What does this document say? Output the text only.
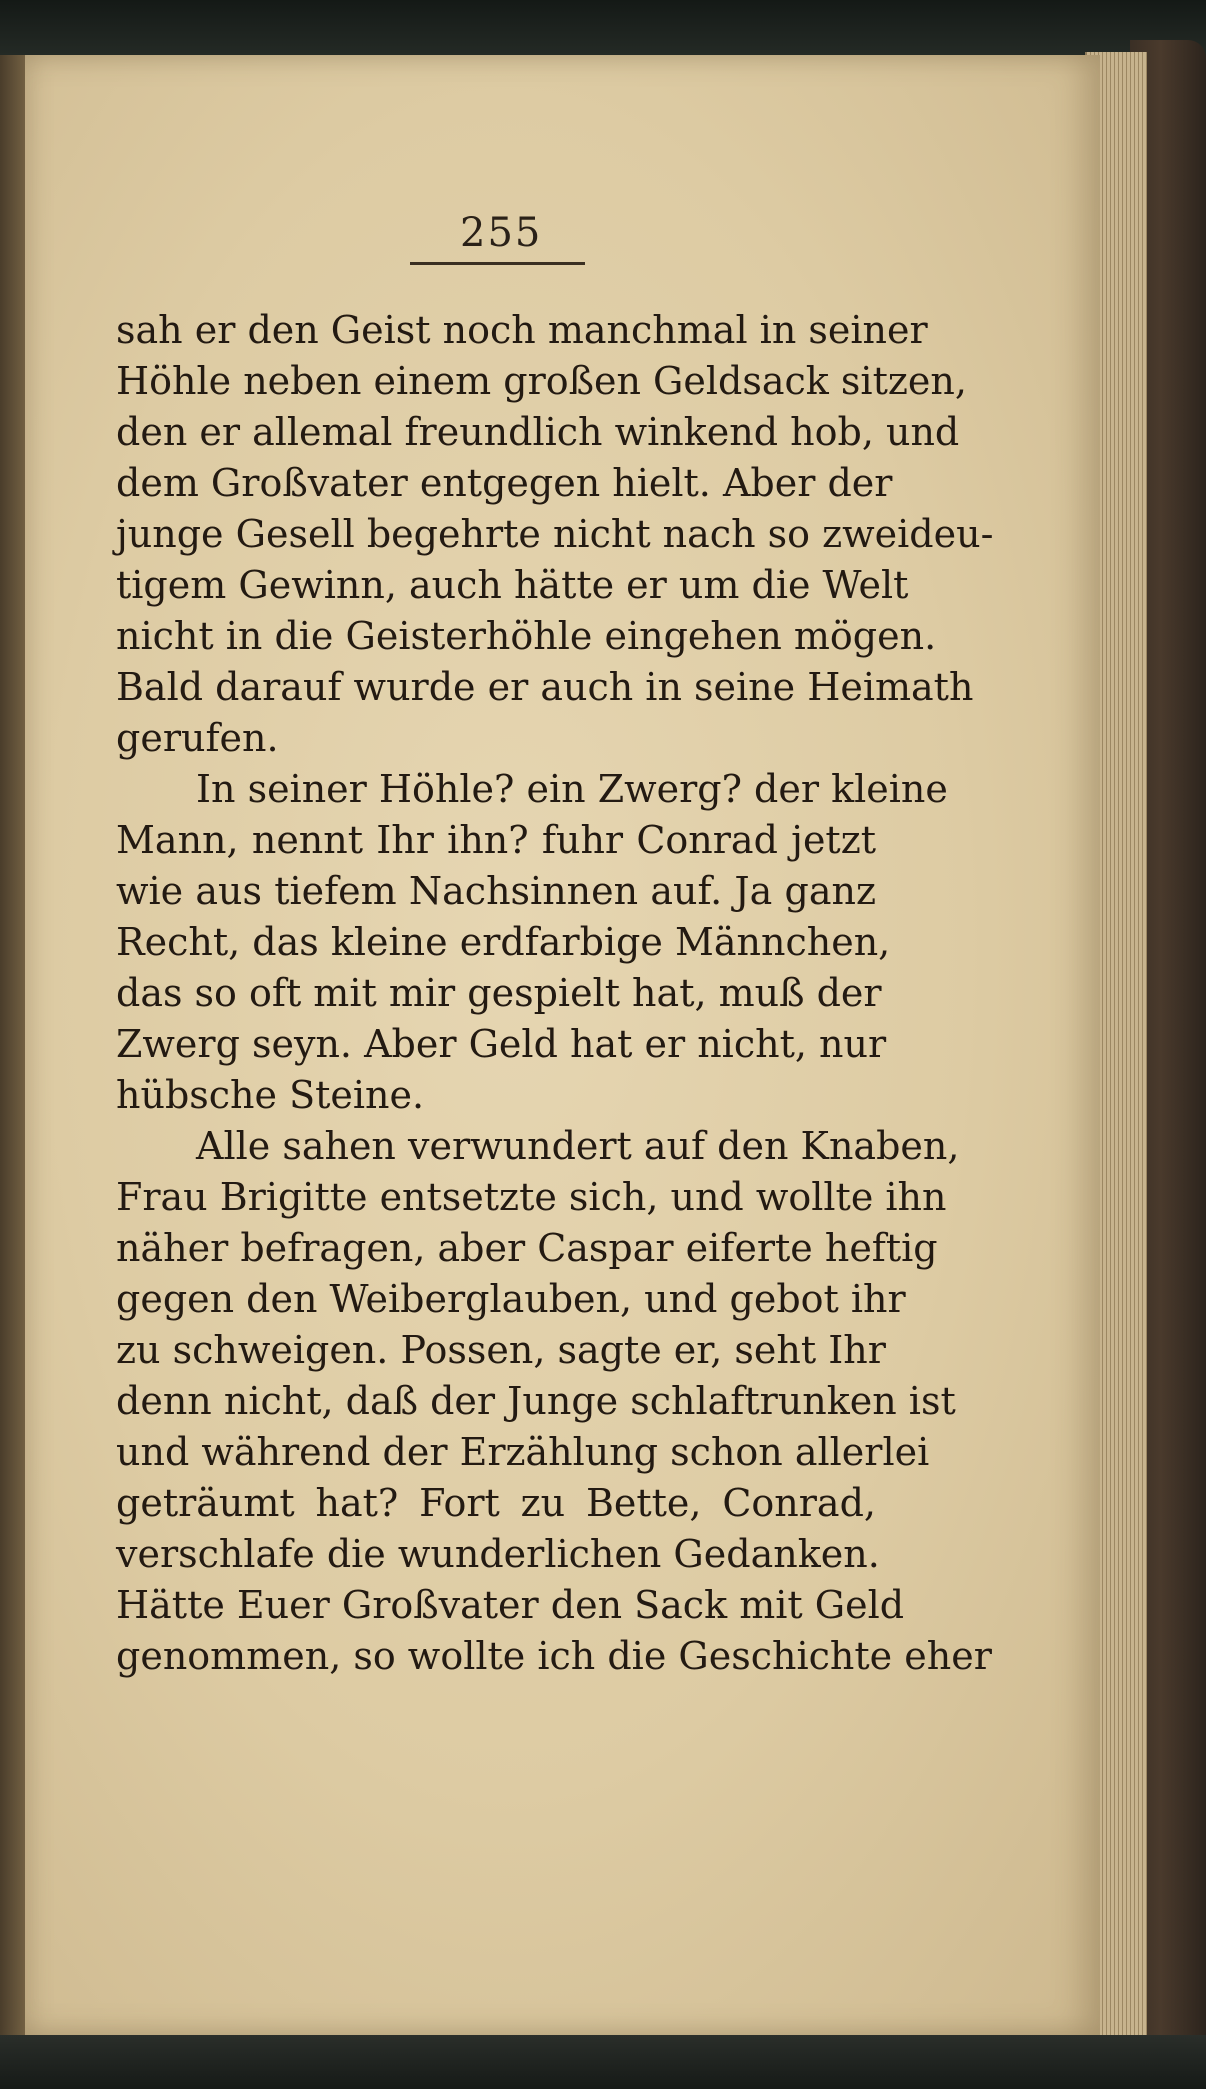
255
sah er den Geist noch manchmal in seiner
Höhle neben einem großen Geldsack sitzen,
den er allemal freundlich winkend hob, und
dem Großvater entgegen hielt. Aber der
junge Gesell begehrte nicht nach so zweideu-
tigem Gewinn, auch hätte er um die Welt
nicht in die Geisterhöhle eingehen mögen.
Bald darauf wurde er auch in seine Heimath
gerufen.
In seiner Höhle? ein Zwerg? der kleine
Mann, nennt Ihr ihn? fuhr Conrad jetzt
wie aus tiefem Nachsinnen auf. Ja ganz
Recht, das kleine erdfarbige Männchen,
das so oft mit mir gespielt hat, muß der
Zwerg seyn. Aber Geld hat er nicht, nur
hübsche Steine.
Alle sahen verwundert auf den Knaben,
Frau Brigitte entsetzte sich, und wollte ihn
näher befragen, aber Caspar eiferte heftig
gegen den Weiberglauben, und gebot ihr
zu schweigen. Possen, sagte er, seht Ihr
denn nicht, daß der Junge schlaftrunken ist
und während der Erzählung schon allerlei
geträumt hat? Fort zu Bette, Conrad,
verschlafe die wunderlichen Gedanken.
Hätte Euer Großvater den Sack mit Geld
genommen, so wollte ich die Geschichte eher
